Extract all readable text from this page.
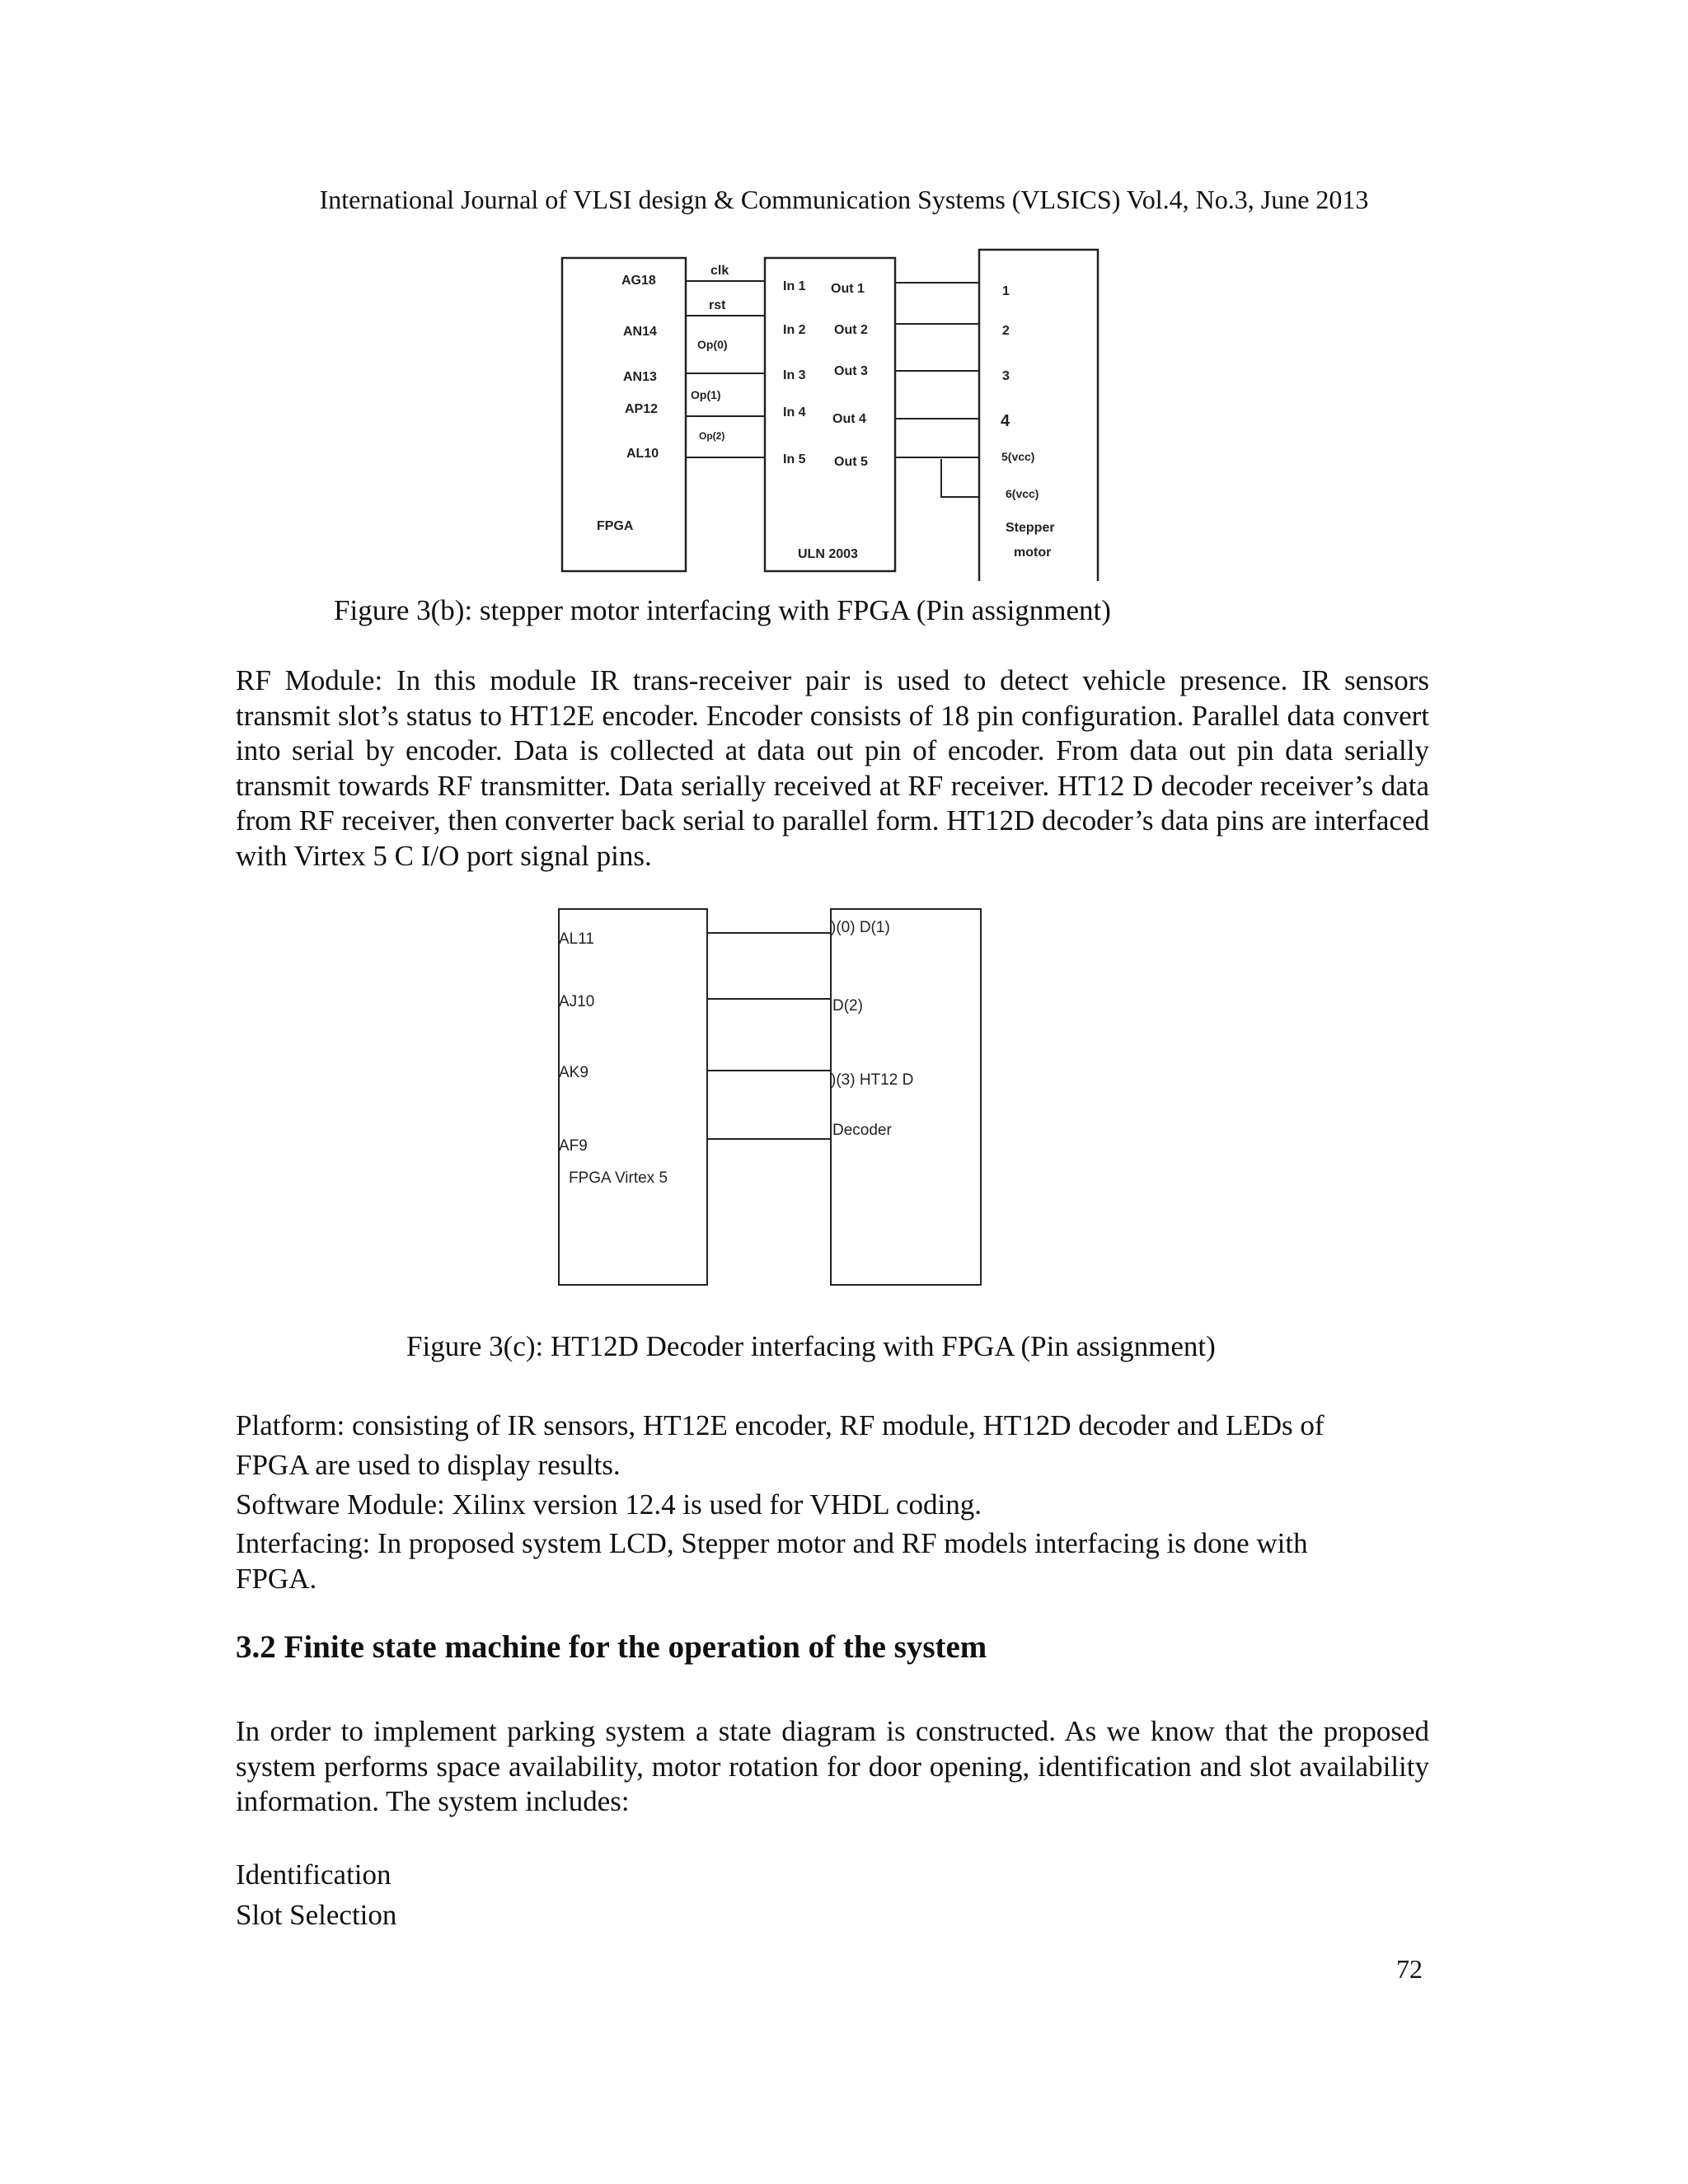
International Journal of VLSI design & Communication Systems (VLSICS) Vol.4, No.3, June 2013
AG18
AN14
AN13
AP12
AL10
FPGA
clk
rst
Op(0)
Op(1)
Op(2)
In 1
In 2
In 3
In 4
In 5
Out 1
Out 2
Out 3
Out 4
Out 5
ULN 2003
1
2
3
4
5(vcc)
6(vcc)
Stepper
motor
Figure 3(b): stepper motor interfacing with FPGA (Pin assignment)
RF Module: In this module IR trans-receiver pair is used to detect vehicle presence. IR sensors transmit slot’s status to HT12E encoder. Encoder consists of 18 pin configuration. Parallel data convert into serial by encoder. Data is collected at data out pin of encoder. From data out pin data serially transmit towards RF transmitter. Data serially received at RF receiver. HT12 D decoder receiver’s data from RF receiver, then converter back serial to parallel form. HT12D decoder’s data pins are interfaced with Virtex 5 C I/O port signal pins.
AL11
AJ10
AK9
AF9
FPGA Virtex 5
)(0) D(1)
D(2)
)(3) HT12 D
Decoder
Figure 3(c): HT12D Decoder interfacing with FPGA (Pin assignment)
Platform: consisting of IR sensors, HT12E encoder, RF module, HT12D decoder and LEDs of
FPGA are used to display results.
Software Module: Xilinx version 12.4 is used for VHDL coding.
Interfacing: In proposed system LCD, Stepper motor and RF models interfacing is done with
FPGA.
3.2 Finite state machine for the operation of the system
In order to implement parking system a state diagram is constructed. As we know that the proposed system performs space availability, motor rotation for door opening, identification and slot availability information. The system includes:
Identification
Slot Selection
72
